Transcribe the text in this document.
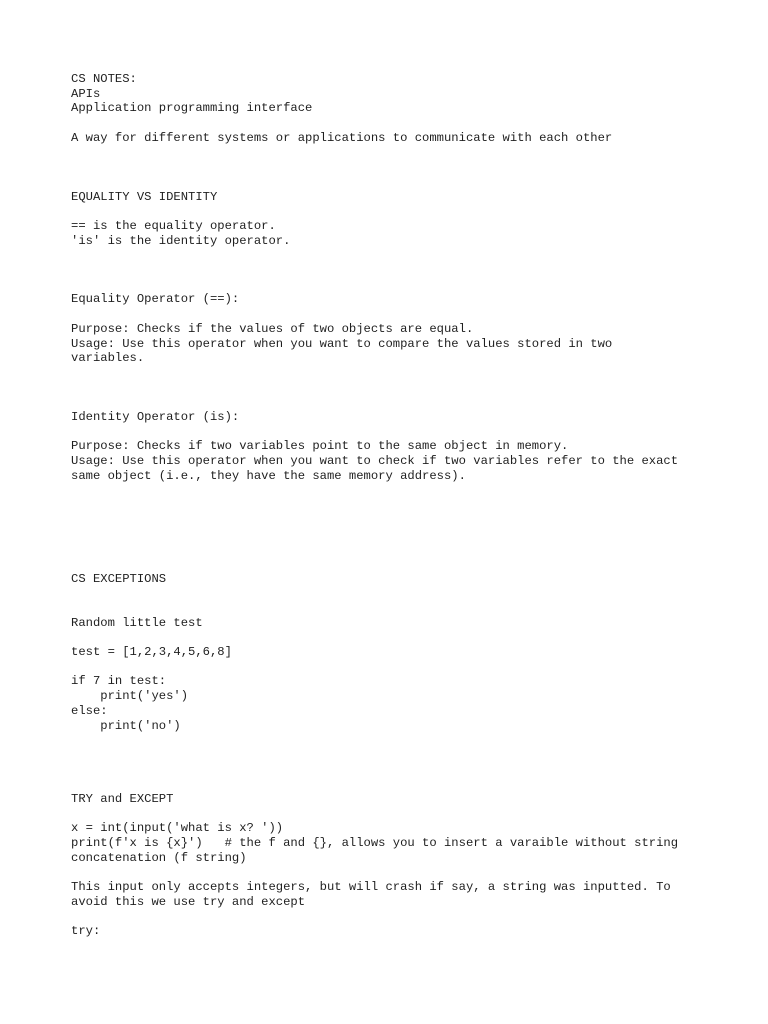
CS NOTES:
APIs
Application programming interface
A way for different systems or applications to communicate with each other
EQUALITY VS IDENTITY
== is the equality operator.
'is' is the identity operator.
Equality Operator (==):
Purpose: Checks if the values of two objects are equal.
Usage: Use this operator when you want to compare the values stored in two
variables.
Identity Operator (is):
Purpose: Checks if two variables point to the same object in memory.
Usage: Use this operator when you want to check if two variables refer to the exact
same object (i.e., they have the same memory address).
CS EXCEPTIONS
Random little test
test = [1,2,3,4,5,6,8]
if 7 in test:
print('yes')
else:
print('no')
TRY and EXCEPT
x = int(input('what is x? '))
print(f'x is {x}')   # the f and {}, allows you to insert a varaible without string
concatenation (f string)
This input only accepts integers, but will crash if say, a string was inputted. To
avoid this we use try and except
try:
